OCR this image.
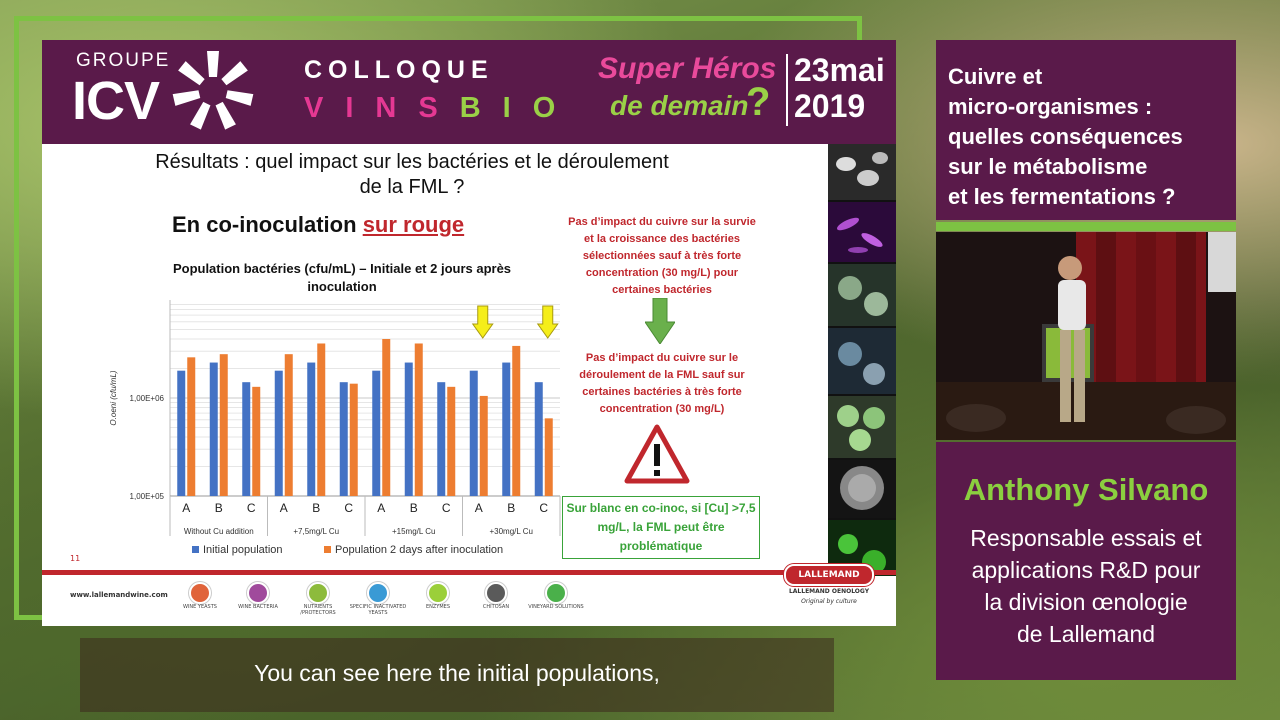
GROUPE
ICV
COLLOQUE
VINSBIO
Super Héros
de demain
?
23mai
2019
Résultats : quel impact sur les bactéries et le déroulement de la FML ?
En co-inoculation sur rouge
Population bactéries (cfu/mL) – Initiale et 2 jours après inoculation
1,00E+05
1,00E+06
O.oeni (cfu/mL)
A B C A B C A B C A B C
Without Cu addition	+7,5mg/L Cu	+15mg/L Cu	+30mg/L Cu
Initial population	Population 2 days after inoculation
11
Pas d’impact du cuivre sur la survie et la croissance des bactéries sélectionnées sauf à très forte concentration (30 mg/L) pour certaines bactéries
Pas d’impact du cuivre sur le déroulement de la FML sauf sur certaines bactéries à très forte concentration (30 mg/L)
Sur blanc en co-inoc, si [Cu] >7,5 mg/L, la FML peut être problématique
www.lallemandwine.com
WINE YEASTS	WINE BACTERIA	NUTRIENTS /PROTECTORS
SPECIFIC INACTIVATED YEASTS
ENZYMES	CHITOSAN	VINEYARD SOLUTIONS
LALLEMAND
LALLEMAND OENOLOGY
Original by culture
Cuivre et
micro-organismes :
quelles conséquences
sur le métabolisme
et les fermentations ?
Anthony Silvano
Responsable essais et
applications R&D pour
la division œnologie
de Lallemand
You can see here the initial populations,
